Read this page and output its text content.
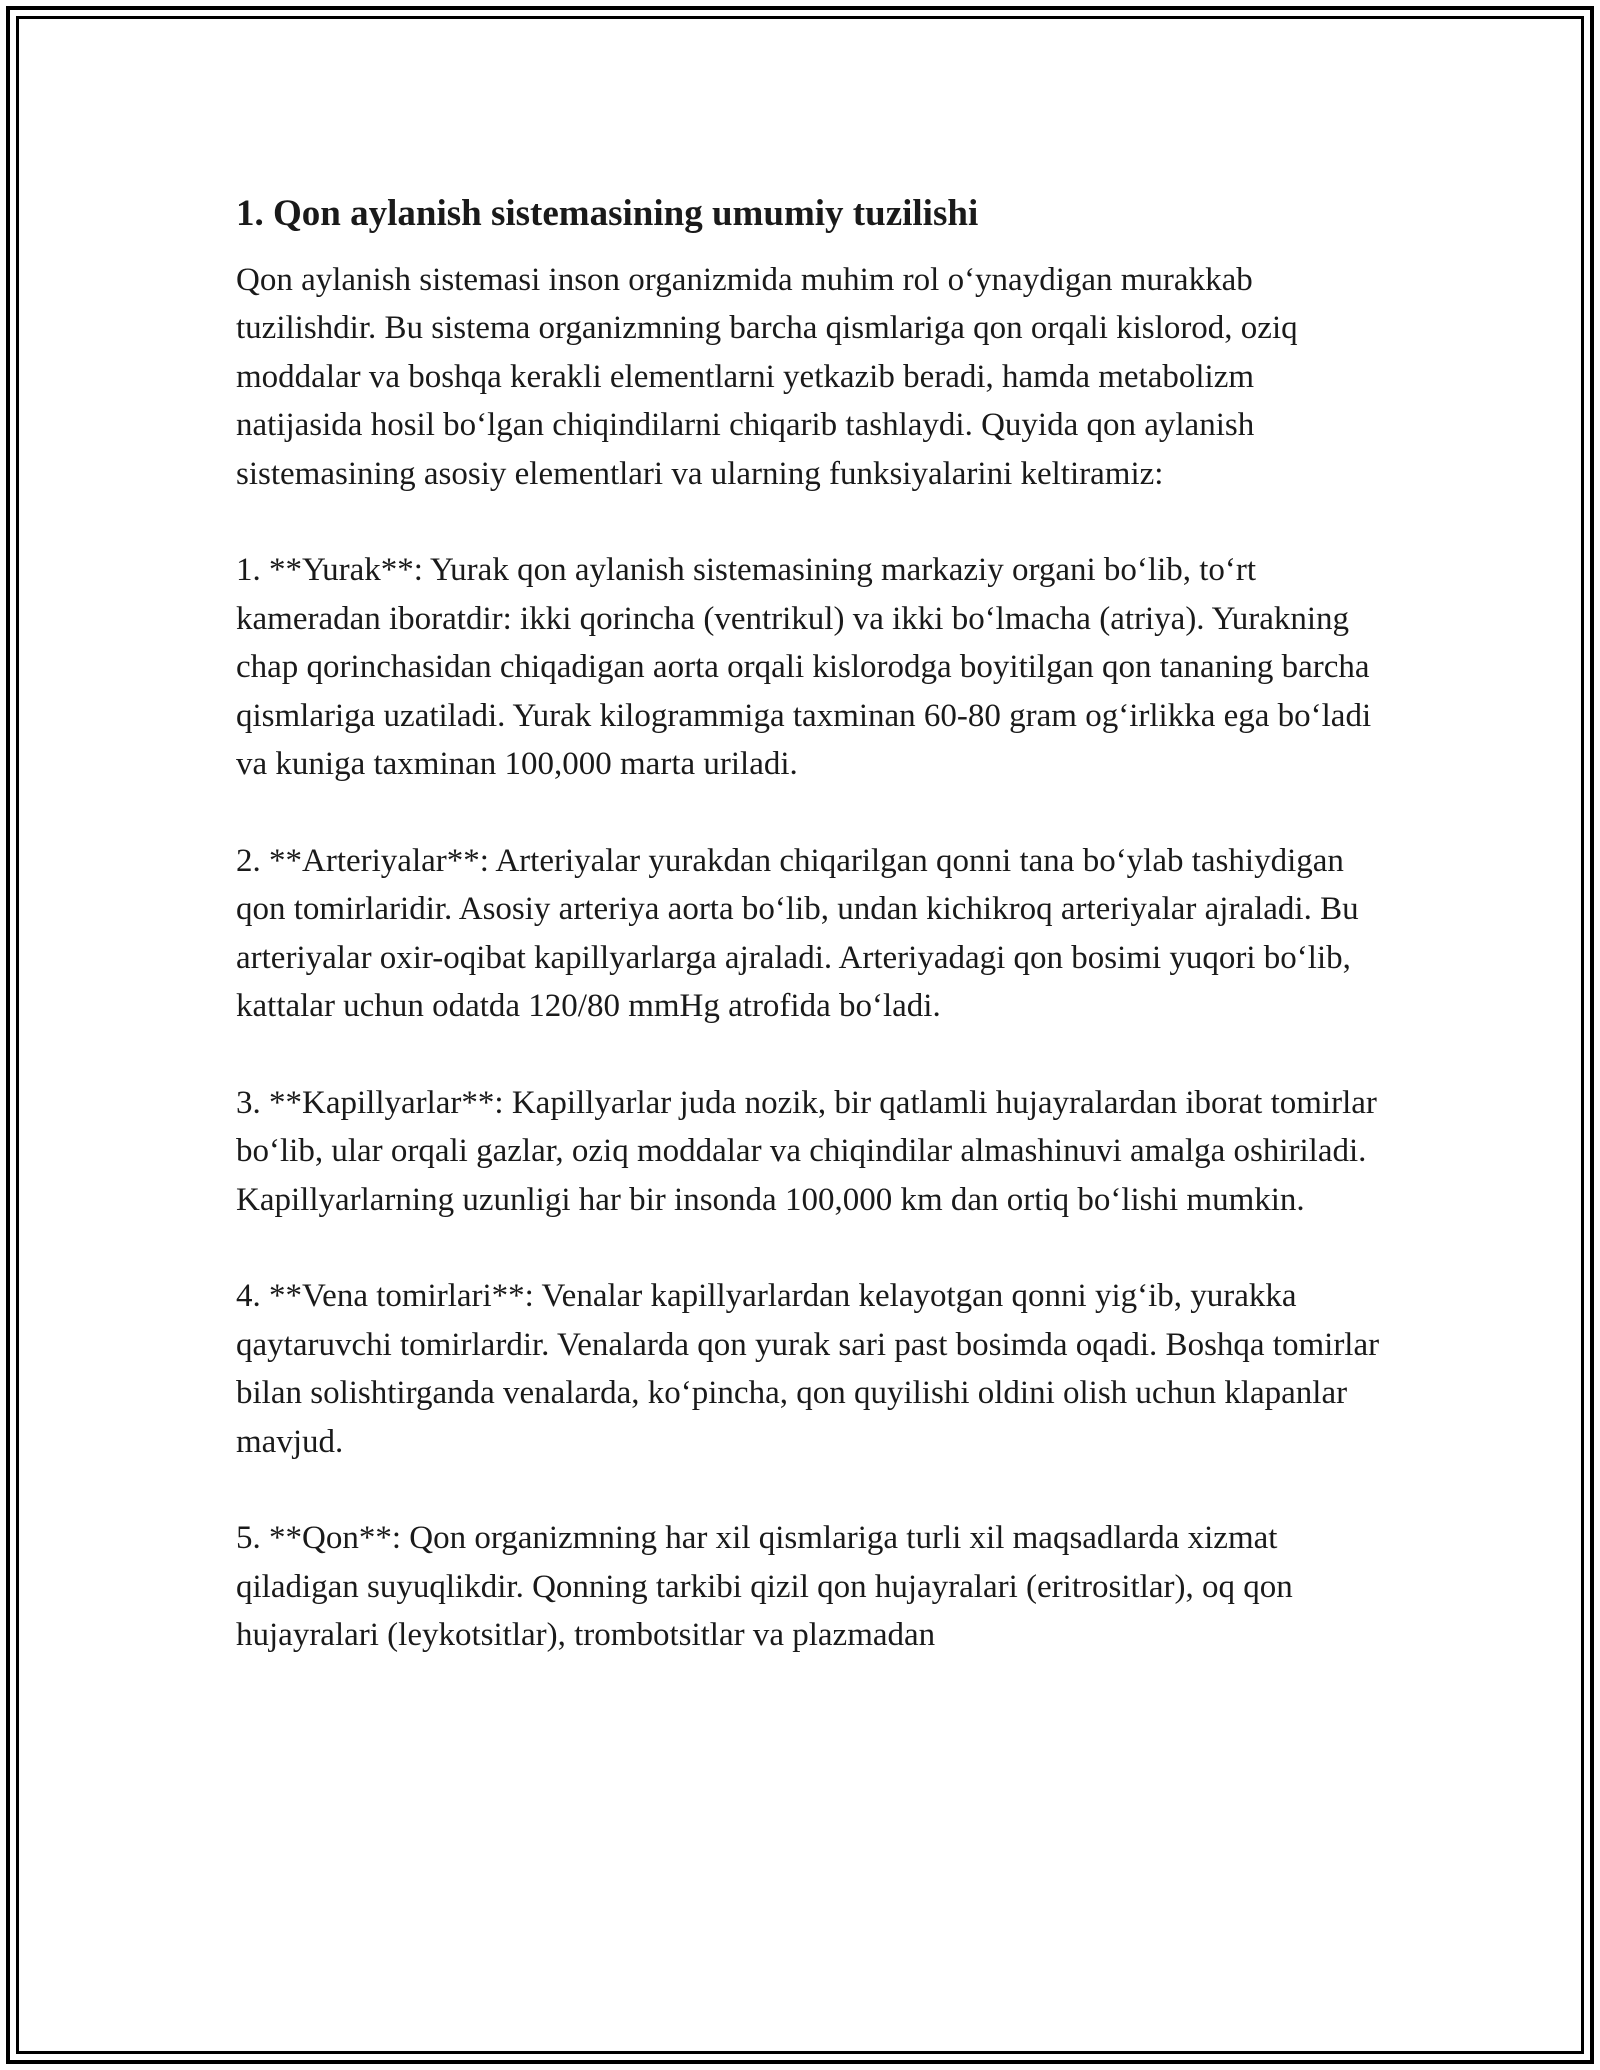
1. Qon aylanish sistemasining umumiy tuzilishi

Qon aylanish sistemasi inson organizmida muhim rol oʻynaydigan murakkab tuzilishdir. Bu sistema organizmning barcha qismlariga qon orqali kislorod, oziq moddalar va boshqa kerakli elementlarni yetkazib beradi, hamda metabolizm natijasida hosil boʻlgan chiqindilarni chiqarib tashlaydi. Quyida qon aylanish sistemasining asosiy elementlari va ularning funksiyalarini keltiramiz:

1. **Yurak**: Yurak qon aylanish sistemasining markaziy organi boʻlib, toʻrt kameradan iboratdir: ikki qorincha (ventrikul) va ikki boʻlmacha (atriya). Yurakning chap qorinchasidan chiqadigan aorta orqali kislorodga boyitilgan qon tananing barcha qismlariga uzatiladi. Yurak kilogrammiga taxminan 60-80 gram ogʻirlikka ega boʻladi va kuniga taxminan 100,000 marta uriladi.

2. **Arteriyalar**: Arteriyalar yurakdan chiqarilgan qonni tana boʻylab tashiydigan qon tomirlaridir. Asosiy arteriya aorta boʻlib, undan kichikroq arteriyalar ajraladi. Bu arteriyalar oxir-oqibat kapillyarlarga ajraladi. Arteriyadagi qon bosimi yuqori boʻlib, kattalar uchun odatda 120/80 mmHg atrofida boʻladi.

3. **Kapillyarlar**: Kapillyarlar juda nozik, bir qatlamli hujayralardan iborat tomirlar boʻlib, ular orqali gazlar, oziq moddalar va chiqindilar almashinuvi amalga oshiriladi. Kapillyarlarning uzunligi har bir insonda 100,000 km dan ortiq boʻlishi mumkin.

4. **Vena tomirlari**: Venalar kapillyarlardan kelayotgan qonni yigʻib, yurakka qaytaruvchi tomirlardir. Venalarda qon yurak sari past bosimda oqadi. Boshqa tomirlar bilan solishtirganda venalarda, koʻpincha, qon quyilishi oldini olish uchun klapanlar mavjud.

5. **Qon**: Qon organizmning har xil qismlariga turli xil maqsadlarda xizmat qiladigan suyuqlikdir. Qonning tarkibi qizil qon hujayralari (eritrositlar), oq qon hujayralari (leykotsitlar), trombotsitlar va plazmadan
